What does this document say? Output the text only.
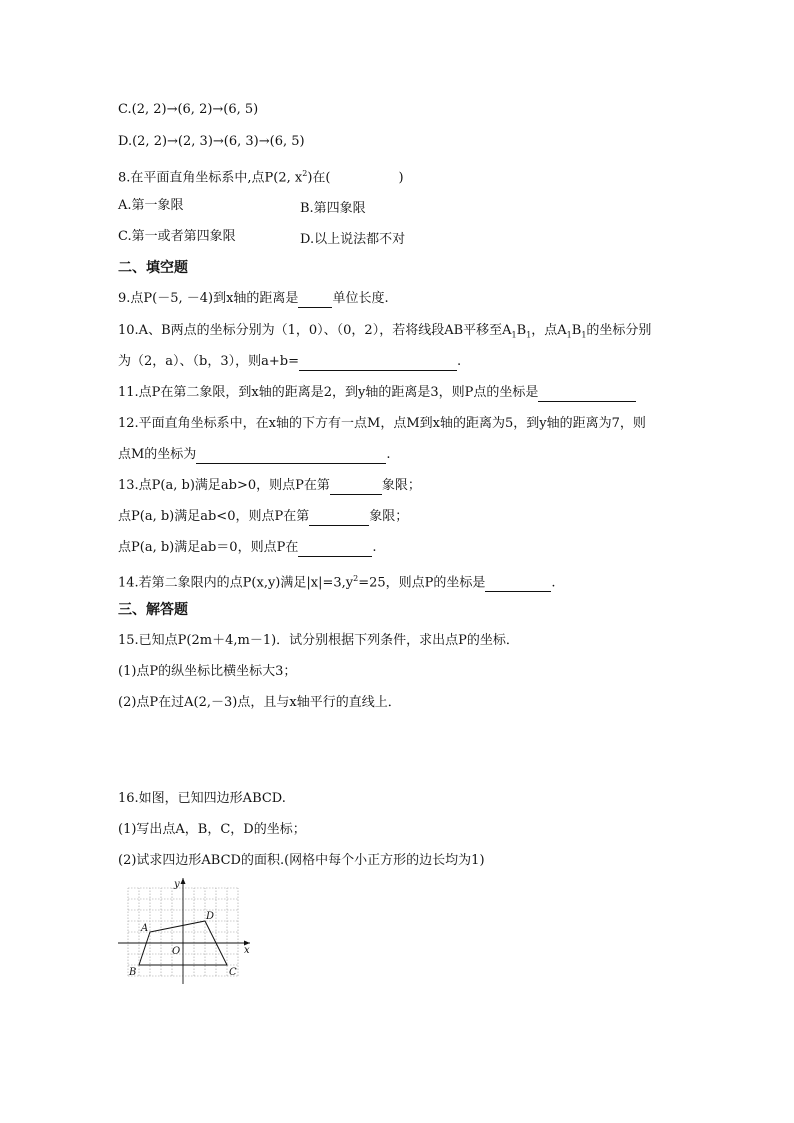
C.(2, 2)→(6, 2)→(6, 5)
D.(2, 2)→(2, 3)→(6, 3)→(6, 5)
8.在平面直角坐标系中,点P(2, $x^2$)在(	)
A.第一象限	B.第四象限
C.第一或者第四象限	D.以上说法都不对
二、填空题
9.点P(－5, －4)到x轴的距离是	单位长度.
10.A、B两点的坐标分别为（1，0）、（0，2），若将线段AB平移至$A_1B_1$，点$A_1B_1$的坐标分别
为（2，a）、（b，3），则a+b=	.
11.点P在第二象限，到x轴的距离是2，到y轴的距离是3，则P点的坐标是
12.平面直角坐标系中，在x轴的下方有一点M，点M到x轴的距离为5，到y轴的距离为7，则
点M的坐标为	.
13.点P(a, b)满足ab>0，则点P在第	象限；
点P(a, b)满足ab<0，则点P在第	象限；
点P(a, b)满足ab＝0，则点P在	.
14.若第二象限内的点P(x,y)满足$|x|=3,y^2=25$，则点P的坐标是	.
三、解答题
15.已知点P(2m＋4,m－1)．试分别根据下列条件，求出点P的坐标．
(1)点P的纵坐标比横坐标大3；
(2)点P在过A(2,－3)点，且与x轴平行的直线上．
16.如图，已知四边形ABCD.
(1)写出点A，B，C，D的坐标；
(2)试求四边形ABCD的面积.(网格中每个小正方形的边长均为1)
A
D
B	C
O	x
y
